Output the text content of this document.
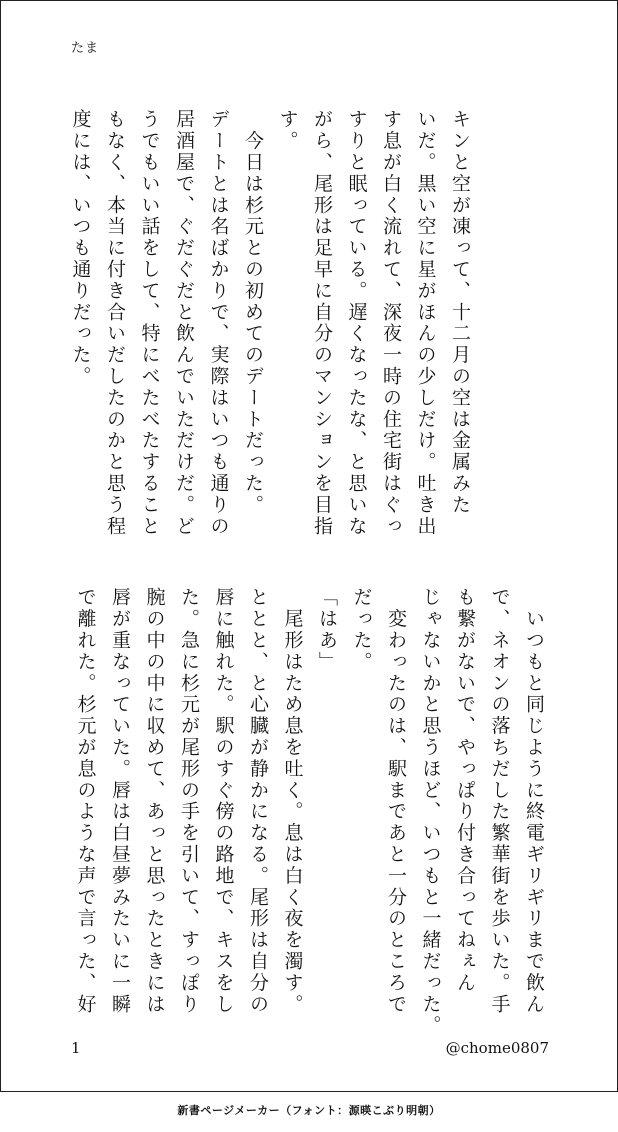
たま
キンと空が凍って、十二月の空は金属みた
いだ。黒い空に星がほんの少しだけ。吐き出
す息が白く流れて、深夜一時の住宅街はぐっ
すりと眠っている。遅くなったな、と思いな
がら、尾形は足早に自分のマンションを目指
す。
　今日は杉元との初めてのデートだった。
デートとは名ばかりで、実際はいつも通りの
居酒屋で、ぐだぐだと飲んでいただけだ。ど
うでもいい話をして、特にべたべたすること
もなく、本当に付き合いだしたのかと思う程
度には、いつも通りだった。
　いつもと同じように終電ギリギリまで飲ん
で、ネオンの落ちだした繁華街を歩いた。手
も繋がないで、やっぱり付き合ってねぇん
じゃないかと思うほど、いつもと一緒だった。
　変わったのは、駅まであと一分のところで
だった。
「はあ」
　尾形はため息を吐く。息は白く夜を濁す。
ととと、と心臓が静かになる。尾形は自分の
唇に触れた。駅のすぐ傍の路地で、キスをし
た。急に杉元が尾形の手を引いて、すっぽり
腕の中の中に収めて、あっと思ったときには
唇が重なっていた。唇は白昼夢みたいに一瞬
で離れた。杉元が息のような声で言った、好
1	@chome0807
新書ページメーカー（フォント：源暎こぶり明朝）
